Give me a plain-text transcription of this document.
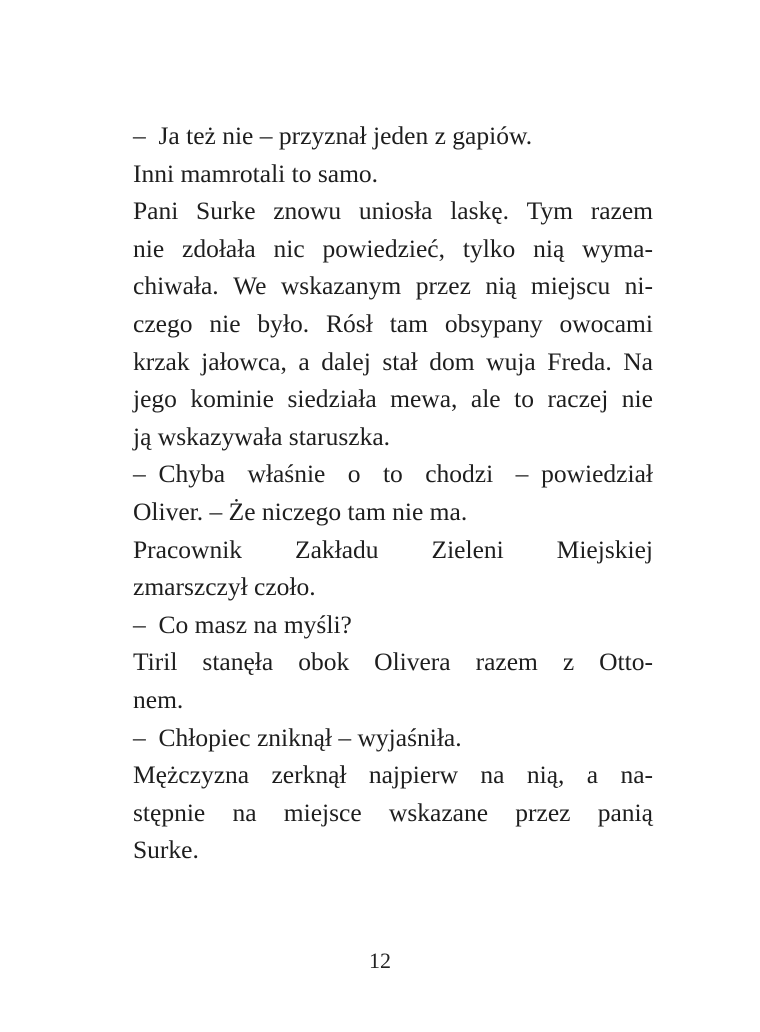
–  Ja też nie – przyznał jeden z gapiów.
Inni mamrotali to samo.
Pani Surke znowu uniosła laskę. Tym razem
nie zdołała nic powiedzieć, tylko nią wyma-
chiwała. We wskazanym przez nią miejscu ni-
czego nie było. Rósł tam obsypany owocami
krzak jałowca, a dalej stał dom wuja Freda. Na
jego kominie siedziała mewa, ale to raczej nie
ją wskazywała staruszka.
–  Chyba właśnie o to chodzi –  powiedział
Oliver. – Że niczego tam nie ma.
Pracownik Zakładu Zieleni Miejskiej
zmarszczył czoło.
–  Co masz na myśli?
Tiril stanęła obok Olivera razem z Otto-
nem.
–  Chłopiec zniknął – wyjaśniła.
Mężczyzna zerknął najpierw na nią, a na-
stępnie na miejsce wskazane przez panią
Surke.
12
